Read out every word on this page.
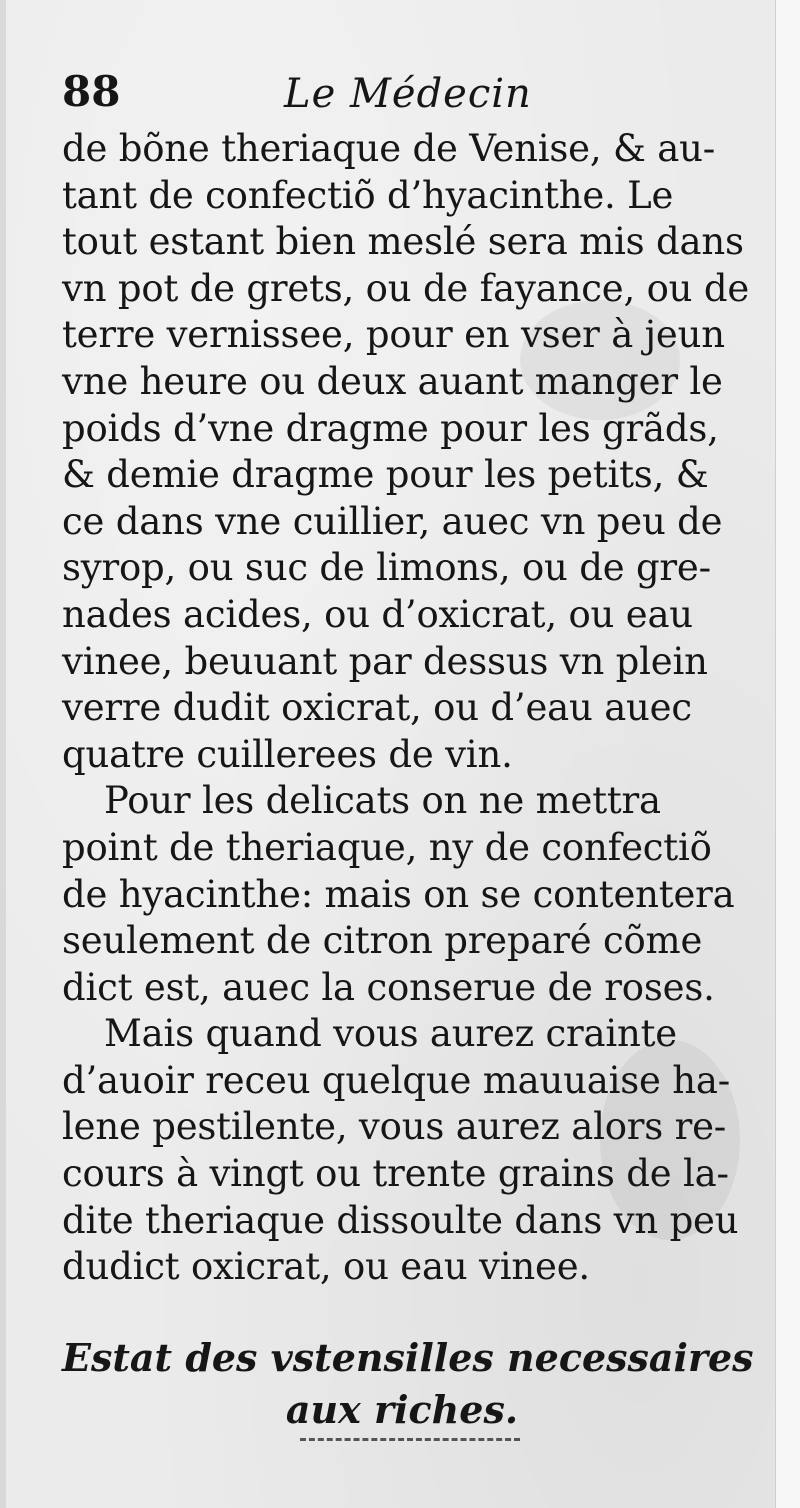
88	Le Médecin
de bõne theriaque de Venise, & au-
tant de confectiõ d’hyacinthe. Le
tout estant bien meslé sera mis dans
vn pot de grets, ou de fayance, ou de
terre vernissee, pour en vser à jeun
vne heure ou deux auant manger le
poids d’vne dragme pour les grãds,
& demie dragme pour les petits, &
ce dans vne cuillier, auec vn peu de
syrop, ou suc de limons, ou de gre-
nades acides, ou d’oxicrat, ou eau
vinee, beuuant par dessus vn plein
verre dudit oxicrat, ou d’eau auec
quatre cuillerees de vin.
Pour les delicats on ne mettra
point de theriaque, ny de confectiõ
de hyacinthe: mais on se contentera
seulement de citron preparé cõme
dict est, auec la conserue de roses.
Mais quand vous aurez crainte
d’auoir receu quelque mauuaise ha-
lene pestilente, vous aurez alors re-
cours à vingt ou trente grains de la-
dite theriaque dissoulte dans vn peu
dudict oxicrat, ou eau vinee.
Estat des vstensilles necessaires
aux riches.
